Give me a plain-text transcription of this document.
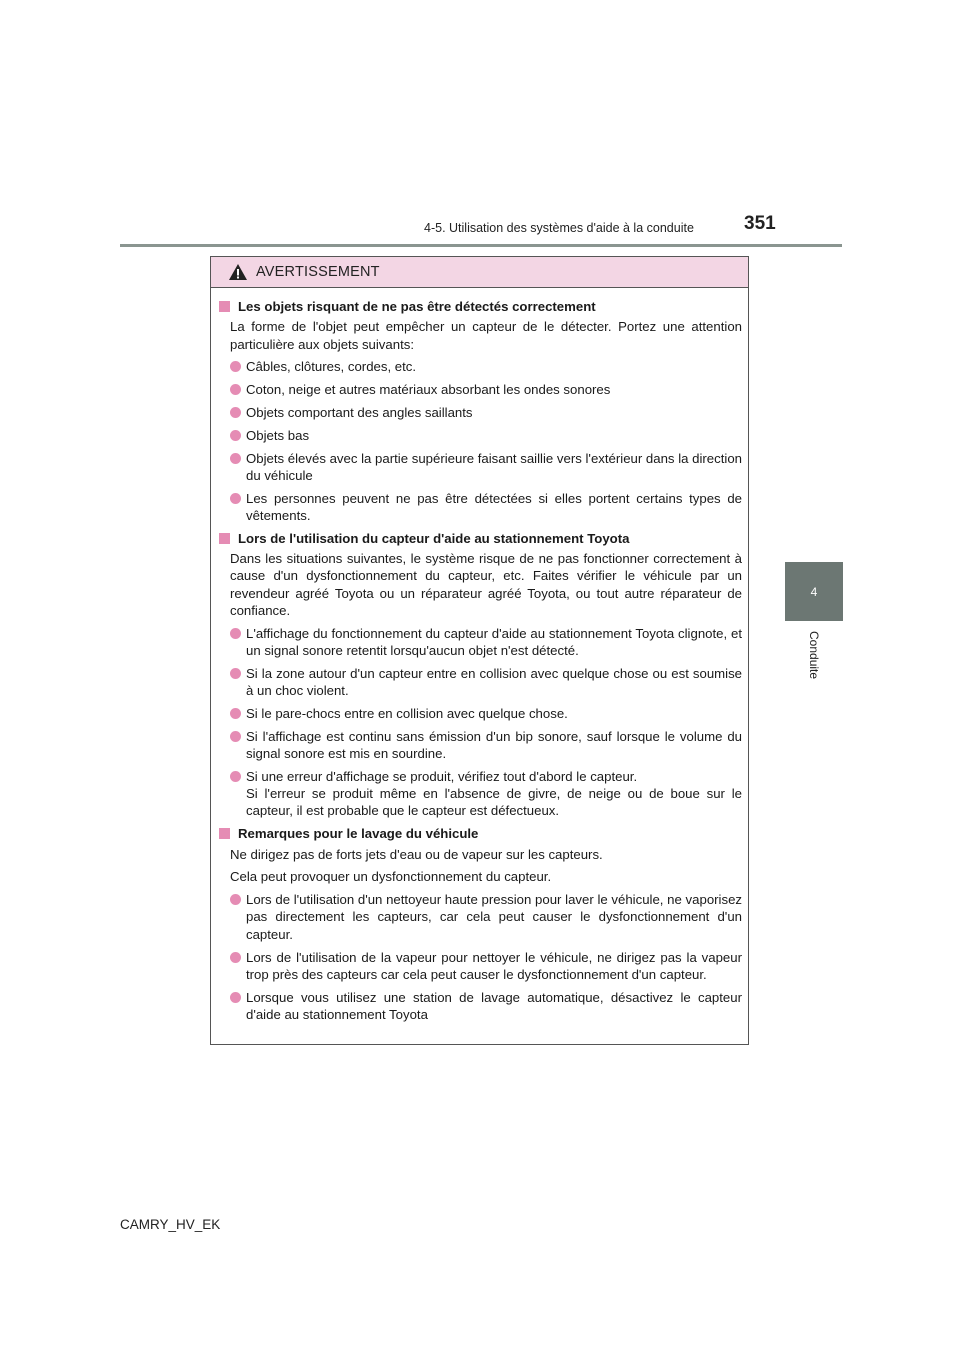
4-5. Utilisation des systèmes d'aide à la conduite	351
4
Conduite
AVERTISSEMENT
Les objets risquant de ne pas être détectés correctement
La forme de l'objet peut empêcher un capteur de le détecter. Portez une attention particulière aux objets suivants:
Câbles, clôtures, cordes, etc.
Coton, neige et autres matériaux absorbant les ondes sonores
Objets comportant des angles saillants
Objets bas
Objets élevés avec la partie supérieure faisant saillie vers l'extérieur dans la direction du véhicule
Les personnes peuvent ne pas être détectées si elles portent certains types de vêtements.
Lors de l'utilisation du capteur d'aide au stationnement Toyota
Dans les situations suivantes, le système risque de ne pas fonctionner correctement à cause d'un dysfonctionnement du capteur, etc. Faites vérifier le véhicule par un revendeur agréé Toyota ou un réparateur agréé Toyota, ou tout autre réparateur de confiance.
L'affichage du fonctionnement du capteur d'aide au stationnement Toyota clignote, et un signal sonore retentit lorsqu'aucun objet n'est détecté.
Si la zone autour d'un capteur entre en collision avec quelque chose ou est soumise à un choc violent.
Si le pare-chocs entre en collision avec quelque chose.
Si l'affichage est continu sans émission d'un bip sonore, sauf lorsque le volume du signal sonore est mis en sourdine.
Si une erreur d'affichage se produit, vérifiez tout d'abord le capteur.
Si l'erreur se produit même en l'absence de givre, de neige ou de boue sur le capteur, il est probable que le capteur est défectueux.
Remarques pour le lavage du véhicule
Ne dirigez pas de forts jets d'eau ou de vapeur sur les capteurs.
Cela peut provoquer un dysfonctionnement du capteur.
Lors de l'utilisation d'un nettoyeur haute pression pour laver le véhicule, ne vaporisez pas directement les capteurs, car cela peut causer le dysfonctionnement d'un capteur.
Lors de l'utilisation de la vapeur pour nettoyer le véhicule, ne dirigez pas la vapeur trop près des capteurs car cela peut causer le dysfonctionnement d'un capteur.
Lorsque vous utilisez une station de lavage automatique, désactivez le capteur d'aide au stationnement Toyota
CAMRY_HV_EK
